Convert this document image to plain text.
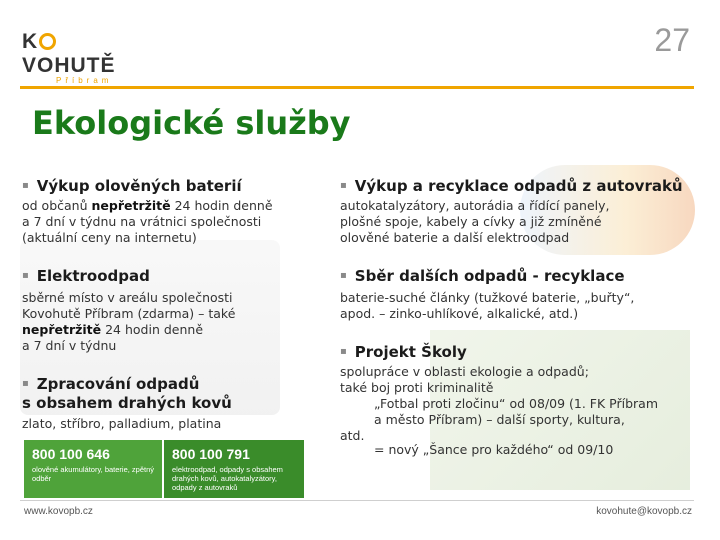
27
KVOHUTĚ
Příbram
Ekologické služby
▪ Výkup olověných baterií
od občanů nepřetržitě 24 hodin denně
a 7 dní v týdnu na vrátnici společnosti
(aktuální ceny na internetu)
▪ Elektroodpad
sběrné místo v areálu společnosti
Kovohutě Příbram (zdarma) – také
nepřetržitě 24 hodin denně
a 7 dní v týdnu
▪ Zpracování odpadů
s obsahem drahých kovů
zlato, stříbro, palladium, platina
▪ Výkup a recyklace odpadů z autovraků
autokatalyzátory, autorádia a řídící panely,
plošné spoje, kabely a cívky a již zmíněné
olověné baterie a další elektroodpad
▪ Sběr dalších odpadů - recyklace
baterie-suché články (tužkové baterie, „buřty“,
apod. – zinko-uhlíkové, alkalické, atd.)
▪ Projekt Školy
spolupráce v oblasti ekologie a odpadů;
také boj proti kriminalitě
„Fotbal proti zločinu“ od 08/09 (1. FK Příbram
a město Příbram) – další sporty, kultura,
atd.
= nový „Šance pro každého“ od 09/10
800 100 646
olověné akumulátory, baterie, zpětný odběr
800 100 791
elektroodpad, odpady s obsahem drahých kovů, autokatalyzátory, odpady z autovraků
www.kovopb.cz	kovohute@kovopb.cz
